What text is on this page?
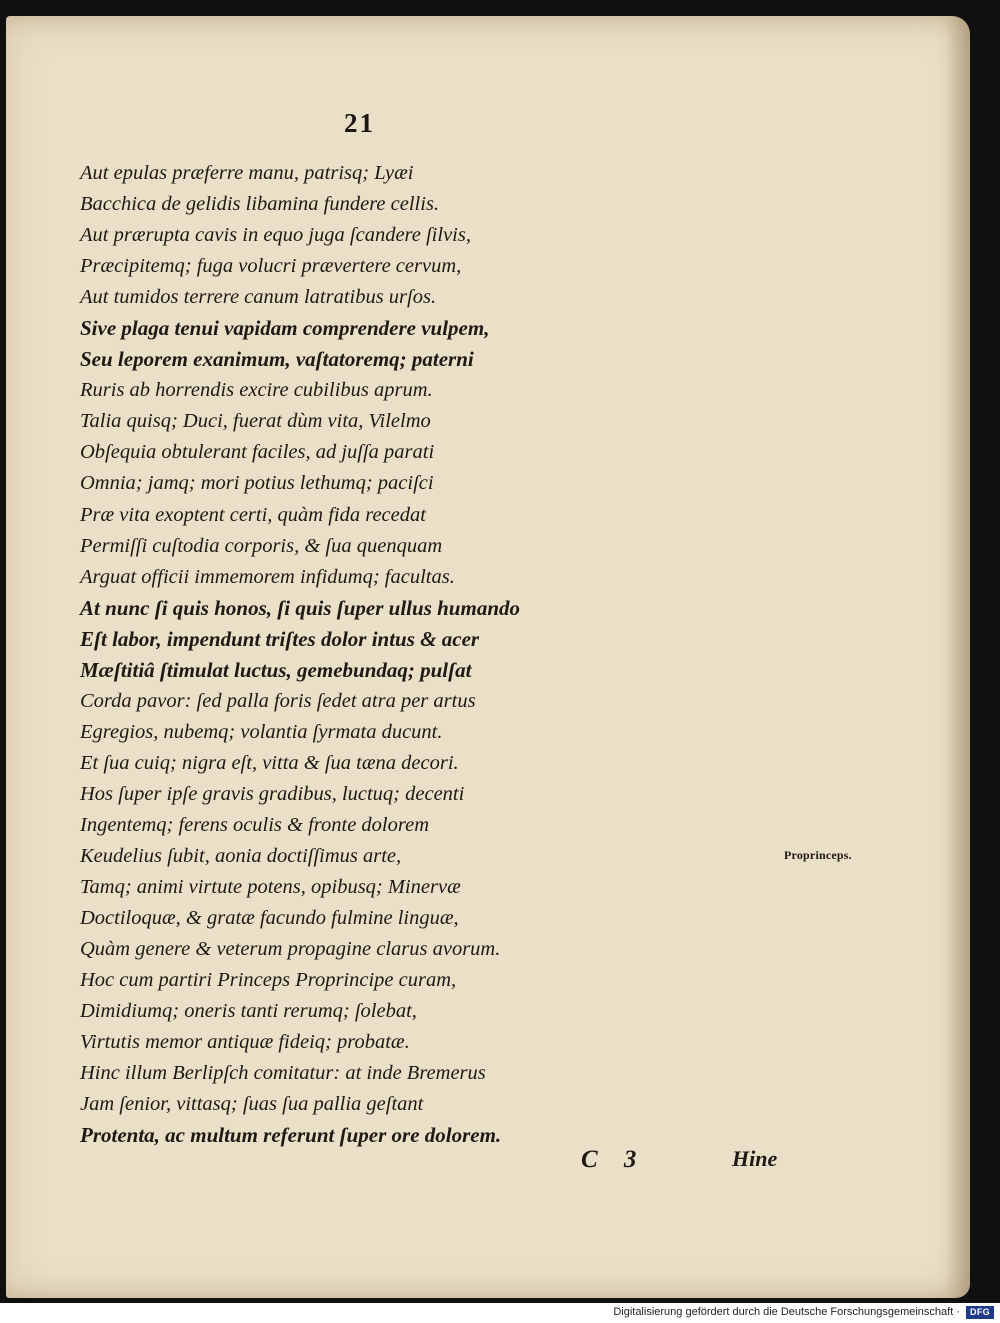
21
Aut epulas præferre manu, patrisq; Lyæi
Bacchica de gelidis libamina fundere cellis.
Aut prærupta cavis in equo juga ſcandere ſilvis,
Præcipitemq; fuga volucri prævertere cervum,
Aut tumidos terrere canum latratibus urſos.
Sive plaga tenui vapidam comprendere vulpem,
Seu leporem exanimum, vaſtatoremq; paterni
Ruris ab horrendis excire cubilibus aprum.
Talia quisq; Duci, fuerat dùm vita, Vilelmo
Obſequia obtulerant faciles, ad juſſa parati
Omnia; jamq; mori potius lethumq; paciſci
Præ vita exoptent certi, quàm fida recedat
Permiſſi cuſtodia corporis, & ſua quenquam
Arguat officii immemorem infidumq; facultas.
At nunc ſi quis honos, ſi quis ſuper ullus humando
Eſt labor, impendunt triſtes dolor intus & acer
Mæſtitiâ ſtimulat luctus, gemebundaq; pulſat
Corda pavor: ſed palla foris ſedet atra per artus
Egregios, nubemq; volantia ſyrmata ducunt.
Et ſua cuiq; nigra eſt, vitta & ſua tæna decori.
Hos ſuper ipſe gravis gradibus, luctuq; decenti
Ingentemq; ferens oculis & fronte dolorem
Keudelius ſubit, aonia doctiſſimus arte,
Tamq; animi virtute potens, opibusq; Minervæ
Doctiloquæ, & gratæ facundo fulmine linguæ,
Quàm genere & veterum propagine clarus avorum.
Hoc cum partiri Princeps Proprincipe curam,
Dimidiumq; oneris tanti rerumq; ſolebat,
Virtutis memor antiquæ fideiq; probatæ.
Hinc illum Berlipſch comitatur: at inde Bremerus
Jam ſenior, vittasq; ſuas ſua pallia geſtant
Protenta, ac multum referunt ſuper ore dolorem.
Proprinceps.
C 3	Hine
Digitalisierung gefördert durch die Deutsche Forschungsgemeinschaft ·	DFG
